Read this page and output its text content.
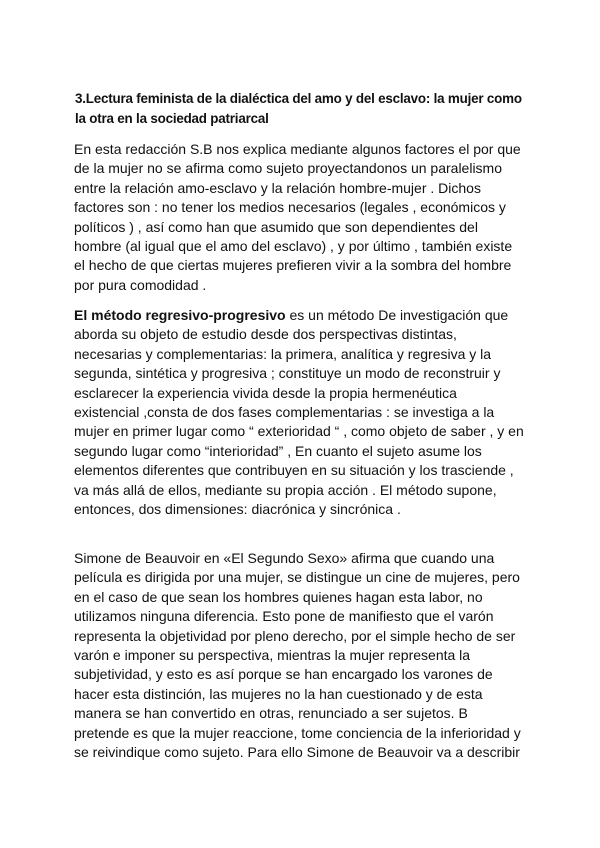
3.Lectura feminista de la dialéctica del amo y del esclavo: la mujer como la otra en la sociedad patriarcal

En esta redacción S.B nos explica mediante algunos factores el por que de la mujer no se afirma como sujeto proyectandonos un paralelismo entre la relación amo-esclavo y la relación hombre-mujer . Dichos factores son : no tener los medios necesarios (legales , económicos y políticos ) , así como han que asumido que son dependientes del hombre (al igual que el amo del esclavo) , y por último , también existe el hecho de que ciertas mujeres prefieren vivir a la sombra del hombre por pura comodidad .

El método regresivo-progresivo es un método De investigación que aborda su objeto de estudio desde dos perspectivas distintas, necesarias y complementarias: la primera, analítica y regresiva y la segunda, sintética y progresiva ; constituye un modo de reconstruir y esclarecer la experiencia vivida desde la propia hermenéutica existencial ,consta de dos fases complementarias : se investiga a la mujer en primer lugar como “ exterioridad “ , como objeto de saber , y en segundo lugar como “interioridad” , En cuanto el sujeto asume los elementos diferentes que contribuyen en su situación y los trasciende , va más allá de ellos, mediante su propia acción . El método supone, entonces, dos dimensiones: diacrónica y sincrónica .

Simone de Beauvoir en «El Segundo Sexo» afirma que cuando una película es dirigida por una mujer, se distingue un cine de mujeres, pero en el caso de que sean los hombres quienes hagan esta labor, no utilizamos ninguna diferencia. Esto pone de manifiesto que el varón representa la objetividad por pleno derecho, por el simple hecho de ser varón e imponer su perspectiva, mientras la mujer representa la subjetividad, y esto es así porque se han encargado los varones de hacer esta distinción, las mujeres no la han cuestionado y de esta manera se han convertido en otras, renunciado a ser sujetos. B pretende es que la mujer reaccione, tome conciencia de la inferioridad y se reivindique como sujeto. Para ello Simone de Beauvoir va a describir
